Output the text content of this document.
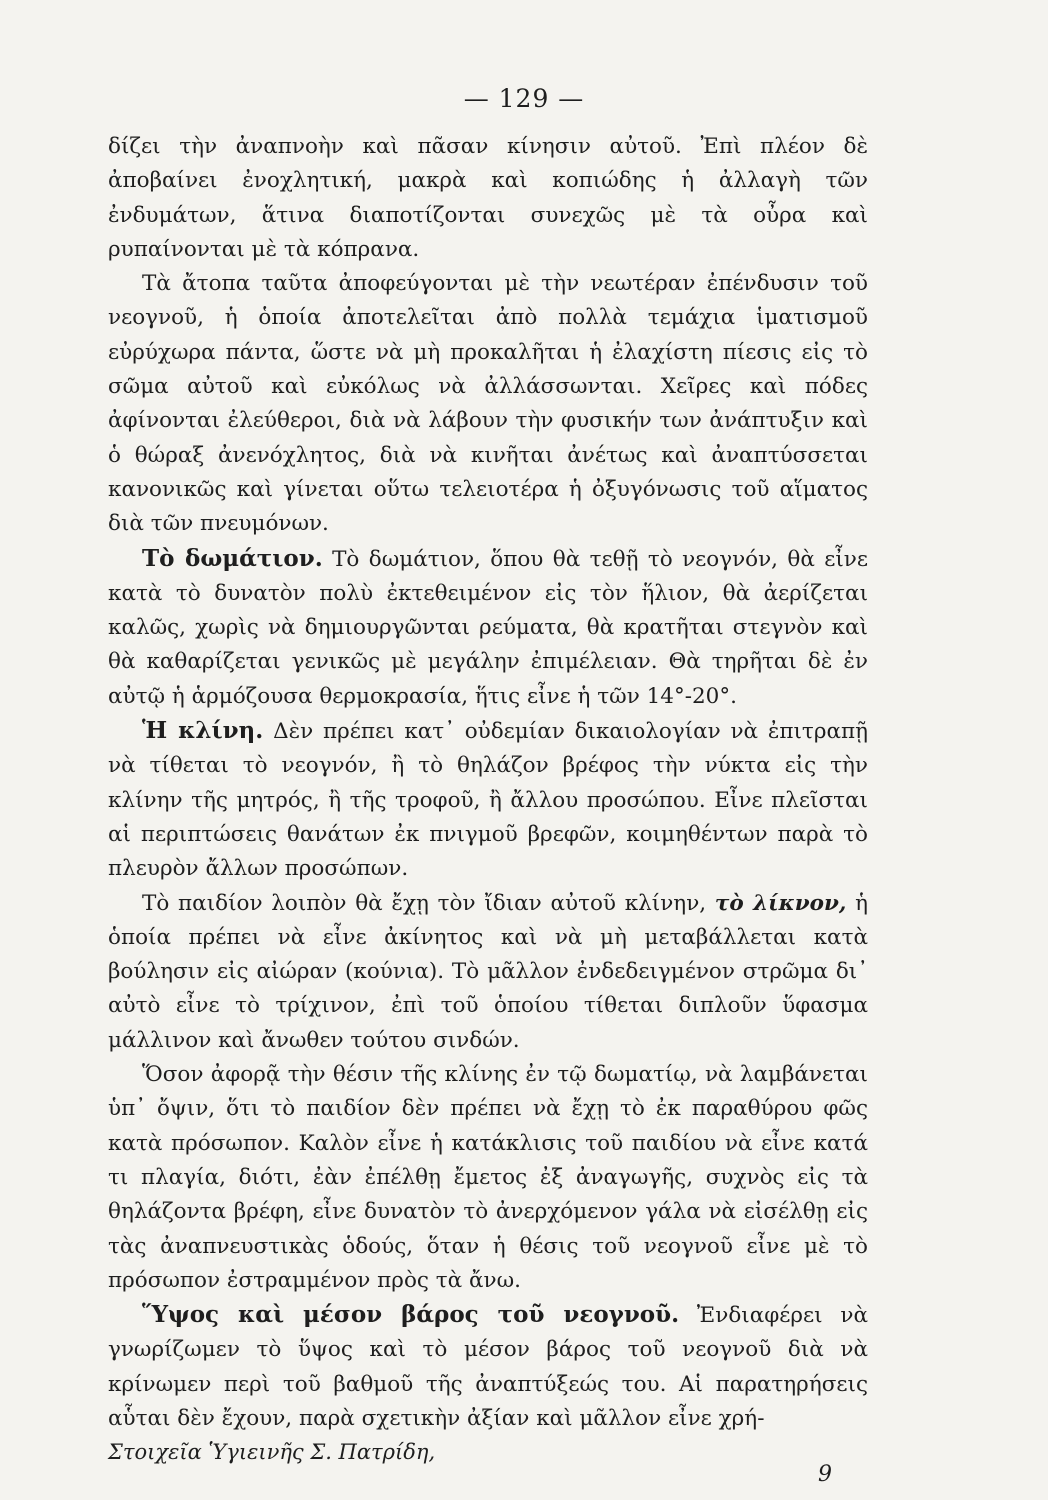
— 129 —

δίζει τὴν ἀναπνοὴν καὶ πᾶσαν κίνησιν αὐτοῦ. Ἐπὶ πλέον δὲ ἀποβαίνει ἐνοχλητική, μακρὰ καὶ κοπιώδης ἡ ἀλλαγὴ τῶν ἐνδυμάτων, ἅτινα διαποτίζονται συνεχῶς μὲ τὰ οὖρα καὶ ρυπαίνονται μὲ τὰ κόπρανα.

Τὰ ἄτοπα ταῦτα ἀποφεύγονται μὲ τὴν νεωτέραν ἐπένδυσιν τοῦ νεογνοῦ, ἡ ὁποία ἀποτελεῖται ἀπὸ πολλὰ τεμάχια ἱματισμοῦ εὐρύχωρα πάντα, ὥστε νὰ μὴ προκαλῆται ἡ ἐλαχίστη πίεσις εἰς τὸ σῶμα αὐτοῦ καὶ εὐκόλως νὰ ἀλλάσσωνται. Χεῖρες καὶ πόδες ἀφίνονται ἐλεύθεροι, διὰ νὰ λάβουν τὴν φυσικήν των ἀνάπτυξιν καὶ ὁ θώραξ ἀνενόχλητος, διὰ νὰ κινῆται ἀνέτως καὶ ἀναπτύσσεται κανονικῶς καὶ γίνεται οὕτω τελειοτέρα ἡ ὀξυγόνωσις τοῦ αἵματος διὰ τῶν πνευμόνων.

Τὸ δωμάτιον. Τὸ δωμάτιον, ὅπου θὰ τεθῇ τὸ νεογνόν, θὰ εἶνε κατὰ τὸ δυνατὸν πολὺ ἐκτεθειμένον εἰς τὸν ἥλιον, θὰ ἀερίζεται καλῶς, χωρὶς νὰ δημιουργῶνται ρεύματα, θὰ κρατῆται στεγνὸν καὶ θὰ καθαρίζεται γενικῶς μὲ μεγάλην ἐπιμέλειαν. Θὰ τηρῆται δὲ ἐν αὐτῷ ἡ ἁρμόζουσα θερμοκρασία, ἥτις εἶνε ἡ τῶν 14°-20°.

Ἡ κλίνη. Δὲν πρέπει κατ᾽ οὐδεμίαν δικαιολογίαν νὰ ἐπιτραπῇ νὰ τίθεται τὸ νεογνόν, ἢ τὸ θηλάζον βρέφος τὴν νύκτα εἰς τὴν κλίνην τῆς μητρός, ἢ τῆς τροφοῦ, ἢ ἄλλου προσώπου. Εἶνε πλεῖσται αἱ περιπτώσεις θανάτων ἐκ πνιγμοῦ βρεφῶν, κοιμηθέντων παρὰ τὸ πλευρὸν ἄλλων προσώπων.

Τὸ παιδίον λοιπὸν θὰ ἔχῃ τὸν ἴδιαν αὐτοῦ κλίνην, τὸ λίκνον, ἡ ὁποία πρέπει νὰ εἶνε ἀκίνητος καὶ νὰ μὴ μεταβάλλεται κατὰ βούλησιν εἰς αἰώραν (κούνια). Τὸ μᾶλλον ἐνδεδειγμένον στρῶμα δι᾽ αὐτὸ εἶνε τὸ τρίχινον, ἐπὶ τοῦ ὁποίου τίθεται διπλοῦν ὕφασμα μάλλινον καὶ ἄνωθεν τούτου σινδών.

Ὅσον ἀφορᾷ τὴν θέσιν τῆς κλίνης ἐν τῷ δωματίῳ, νὰ λαμβάνεται ὑπ᾽ ὄψιν, ὅτι τὸ παιδίον δὲν πρέπει νὰ ἔχῃ τὸ ἐκ παραθύρου φῶς κατὰ πρόσωπον. Καλὸν εἶνε ἡ κατάκλισις τοῦ παιδίου νὰ εἶνε κατά τι πλαγία, διότι, ἐὰν ἐπέλθῃ ἔμετος ἐξ ἀναγωγῆς, συχνὸς εἰς τὰ θηλάζοντα βρέφη, εἶνε δυνατὸν τὸ ἀνερχόμενον γάλα νὰ εἰσέλθῃ εἰς τὰς ἀναπνευστικὰς ὁδούς, ὅταν ἡ θέσις τοῦ νεογνοῦ εἶνε μὲ τὸ πρόσωπον ἐστραμμένον πρὸς τὰ ἄνω.

Ὕψος καὶ μέσον βάρος τοῦ νεογνοῦ. Ἐνδιαφέρει νὰ γνωρίζωμεν τὸ ὕψος καὶ τὸ μέσον βάρος τοῦ νεογνοῦ διὰ νὰ κρίνωμεν περὶ τοῦ βαθμοῦ τῆς ἀναπτύξεώς του. Αἱ παρατηρήσεις αὗται δὲν ἔχουν, παρὰ σχετικὴν ἀξίαν καὶ μᾶλλον εἶνε χρή-

Στοιχεῖα Ὑγιεινῆς Σ. Πατρίδη,
9
